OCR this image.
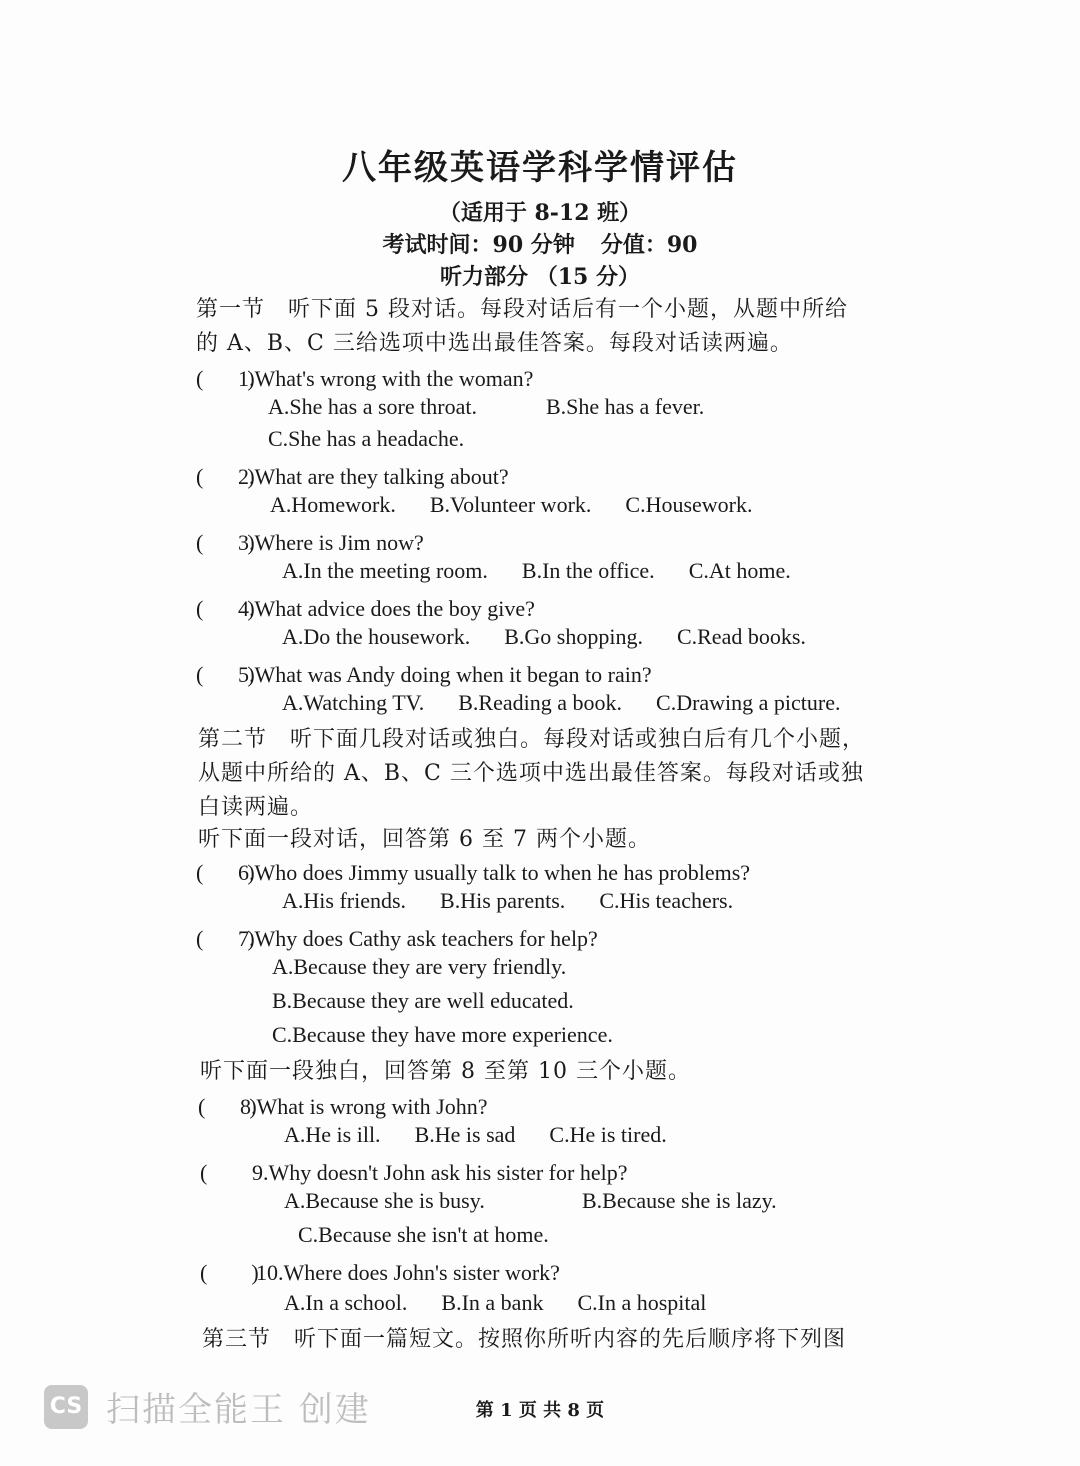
八年级英语学科学情评估
（适用于 8-12 班）
考试时间：90 分钟 分值：90
听力部分 （15 分）
第一节　听下面 5 段对话。每段对话后有一个小题，从题中所给
的 A、B、C 三给选项中选出最佳答案。每段对话读两遍。
(　　)1.What's wrong with the woman?
A.She has a sore throat.	B.She has a fever.
C.She has a headache.
(　　)2.What are they talking about?
A.Homework. B.Volunteer work. C.Housework.
(　　)3.Where is Jim now?
A.In the meeting room. B.In the office. C.At home.
(　　)4.What advice does the boy give?
A.Do the housework. B.Go shopping. C.Read books.
(　　)5.What was Andy doing when it began to rain?
A.Watching TV. B.Reading a book. C.Drawing a picture.
第二节　听下面几段对话或独白。每段对话或独白后有几个小题，
从题中所给的 A、B、C 三个选项中选出最佳答案。每段对话或独
白读两遍。
听下面一段对话，回答第 6 至 7 两个小题。
(　　)6.Who does Jimmy usually talk to when he has problems?
A.His friends. B.His parents. C.His teachers.
(　　)7.Why does Cathy ask teachers for help?
A.Because they are very friendly.
B.Because they are well educated.
C.Because they have more experience.
听下面一段独白，回答第 8 至第 10 三个小题。
(　　)8.What is wrong with John?
A.He is ill. B.He is sad C.He is tired.
(　　9.Why doesn't John ask his sister for help?
A.Because she is busy.	B.Because she is lazy.
C.Because she isn't at home.
(　　)10.Where does John's sister work?
A.In a school. B.In a bank C.In a hospital
第三节　听下面一篇短文。按照你所听内容的先后顺序将下列图
CS 扫描全能王 创建	第 1 页 共 8 页
